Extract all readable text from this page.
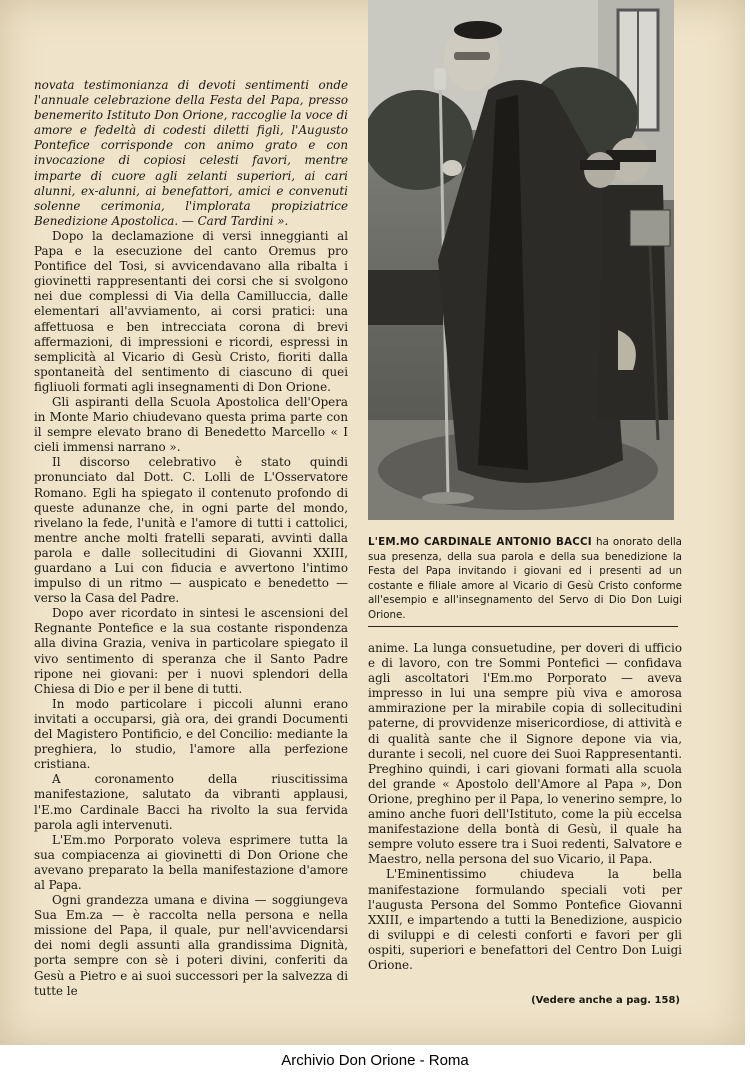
novata testimonianza di devoti sentimenti onde l'annuale celebrazione della Festa del Papa, presso benemerito Istituto Don Orione, raccoglie la voce di amore e fedeltà di codesti diletti figli, l'Augusto Pontefice corrisponde con animo grato e con invocazione di copiosi celesti favori, mentre imparte di cuore agli zelanti superiori, ai cari alunni, ex-alunni, ai benefattori, amici e convenuti solenne cerimonia, l'implorata propiziatrice Benedizione Apostolica. — Card Tardini ».

Dopo la declamazione di versi inneggianti al Papa e la esecuzione del canto Oremus pro Pontifice del Tosi, si avvicendavano alla ribalta i giovinetti rappresentanti dei corsi che si svolgono nei due complessi di Via della Camilluccia, dalle elementari all'avviamento, ai corsi pratici: una affettuosa e ben intrecciata corona di brevi affermazioni, di impressioni e ricordi, espressi in semplicità al Vicario di Gesù Cristo, fioriti dalla spontaneità del sentimento di ciascuno di quei figliuoli formati agli insegnamenti di Don Orione.

Gli aspiranti della Scuola Apostolica dell'Opera in Monte Mario chiudevano questa prima parte con il sempre elevato brano di Benedetto Marcello « I cieli immensi narrano ».

Il discorso celebrativo è stato quindi pronunciato dal Dott. C. Lolli de L'Osservatore Romano. Egli ha spiegato il contenuto profondo di queste adunanze che, in ogni parte del mondo, rivelano la fede, l'unità e l'amore di tutti i cattolici, mentre anche molti fratelli separati, avvinti dalla parola e dalle sollecitudini di Giovanni XXIII, guardano a Lui con fiducia e avvertono l'intimo impulso di un ritmo — auspicato e benedetto — verso la Casa del Padre.

Dopo aver ricordato in sintesi le ascensioni del Regnante Pontefice e la sua costante rispondenza alla divina Grazia, veniva in particolare spiegato il vivo sentimento di speranza che il Santo Padre ripone nei giovani: per i nuovi splendori della Chiesa di Dio e per il bene di tutti.

In modo particolare i piccoli alunni erano invitati a occuparsi, già ora, dei grandi Documenti del Magistero Pontificio, e del Concilio: mediante la preghiera, lo studio, l'amore alla perfezione cristiana.

A coronamento della riuscitissima manifestazione, salutato da vibranti applausi, l'E.mo Cardinale Bacci ha rivolto la sua fervida parola agli intervenuti.

L'Em.mo Porporato voleva esprimere tutta la sua compiacenza ai giovinetti di Don Orione che avevano preparato la bella manifestazione d'amore al Papa.

Ogni grandezza umana e divina — soggiungeva Sua Em.za — è raccolta nella persona e nella missione del Papa, il quale, pur nell'avvicendarsi dei nomi degli assunti alla grandissima Dignità, porta sempre con sè i poteri divini, conferiti da Gesù a Pietro e ai suoi successori per la salvezza di tutte le

L'EM.MO CARDINALE ANTONIO BACCI ha onorato della sua presenza, della sua parola e della sua benedizione la Festa del Papa invitando i giovani ed i presenti ad un costante e filiale amore al Vicario di Gesù Cristo conforme all'esempio e all'insegnamento del Servo di Dio Don Luigi Orione.

anime. La lunga consuetudine, per doveri di ufficio e di lavoro, con tre Sommi Pontefici — confidava agli ascoltatori l'Em.mo Porporato — aveva impresso in lui una sempre più viva e amorosa ammirazione per la mirabile copia di sollecitudini paterne, di provvidenze misericordiose, di attività e di qualità sante che il Signore depone via via, durante i secoli, nel cuore dei Suoi Rappresentanti. Preghino quindi, i cari giovani formati alla scuola del grande « Apostolo dell'Amore al Papa », Don Orione, preghino per il Papa, lo venerino sempre, lo amino anche fuori dell'Istituto, come la più eccelsa manifestazione della bontà di Gesù, il quale ha sempre voluto essere tra i Suoi redenti, Salvatore e Maestro, nella persona del suo Vicario, il Papa.

L'Eminentissimo chiudeva la bella manifestazione formulando speciali voti per l'augusta Persona del Sommo Pontefice Giovanni XXIII, e impartendo a tutti la Benedizione, auspicio di sviluppi e di celesti conforti e favori per gli ospiti, superiori e benefattori del Centro Don Luigi Orione.

(Vedere anche a pag. 158)
Archivio Don Orione - Roma
